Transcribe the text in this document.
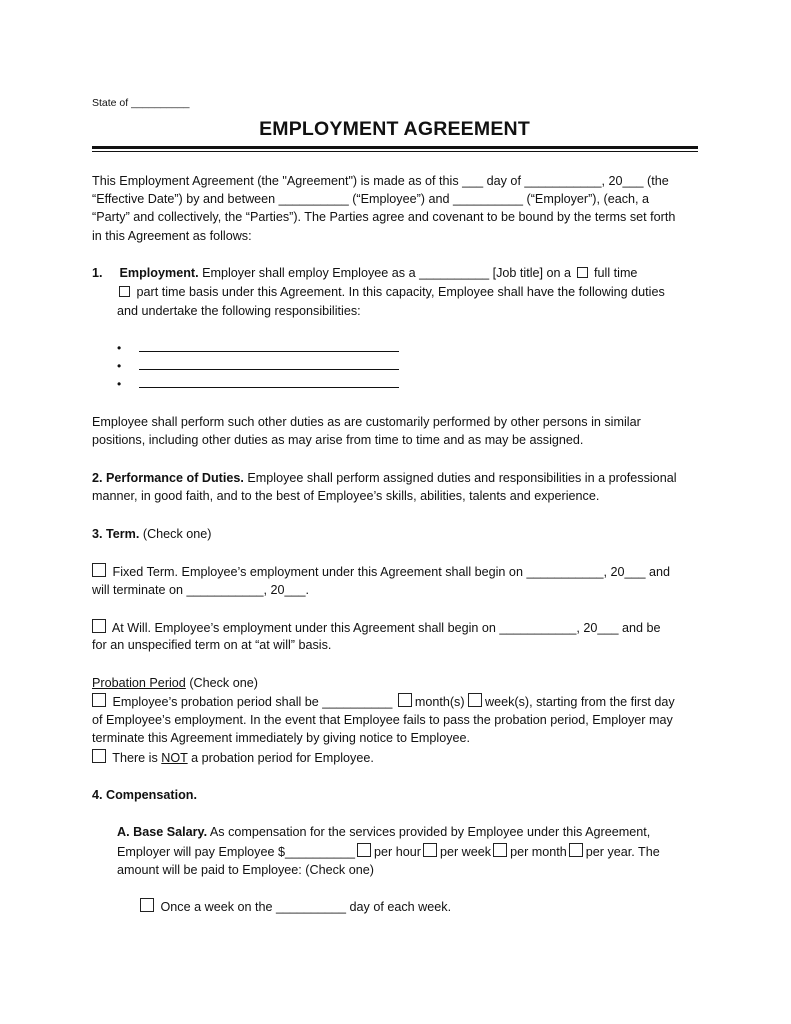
State of __________
EMPLOYMENT AGREEMENT
This Employment Agreement (the "Agreement") is made as of this ___ day of ___________, 20___ (the
“Effective Date”) by and between __________ (“Employee”) and __________ (“Employer”), (each, a
“Party” and collectively, the “Parties”). The Parties agree and covenant to be bound by the terms set forth
in this Agreement as follows:
1. Employment. Employer shall employ Employee as a __________ [Job title] on a full time
part time basis under this Agreement. In this capacity, Employee shall have the following duties
and undertake the following responsibilities:
•
•
•
Employee shall perform such other duties as are customarily performed by other persons in similar
positions, including other duties as may arise from time to time and as may be assigned.
2. Performance of Duties. Employee shall perform assigned duties and responsibilities in a professional
manner, in good faith, and to the best of Employee’s skills, abilities, talents and experience.
3. Term. (Check one)
Fixed Term. Employee’s employment under this Agreement shall begin on ___________, 20___ and
will terminate on ___________, 20___.
At Will. Employee’s employment under this Agreement shall begin on ___________, 20___ and be
for an unspecified term on at “at will” basis.
Probation Period (Check one)
Employee’s probation period shall be __________ month(s) week(s), starting from the first day
of Employee’s employment. In the event that Employee fails to pass the probation period, Employer may
terminate this Agreement immediately by giving notice to Employee.
There is NOT a probation period for Employee.
4. Compensation.
A. Base Salary. As compensation for the services provided by Employee under this Agreement,
Employer will pay Employee $__________ per hour per week per month per year. The
amount will be paid to Employee: (Check one)
Once a week on the __________ day of each week.
